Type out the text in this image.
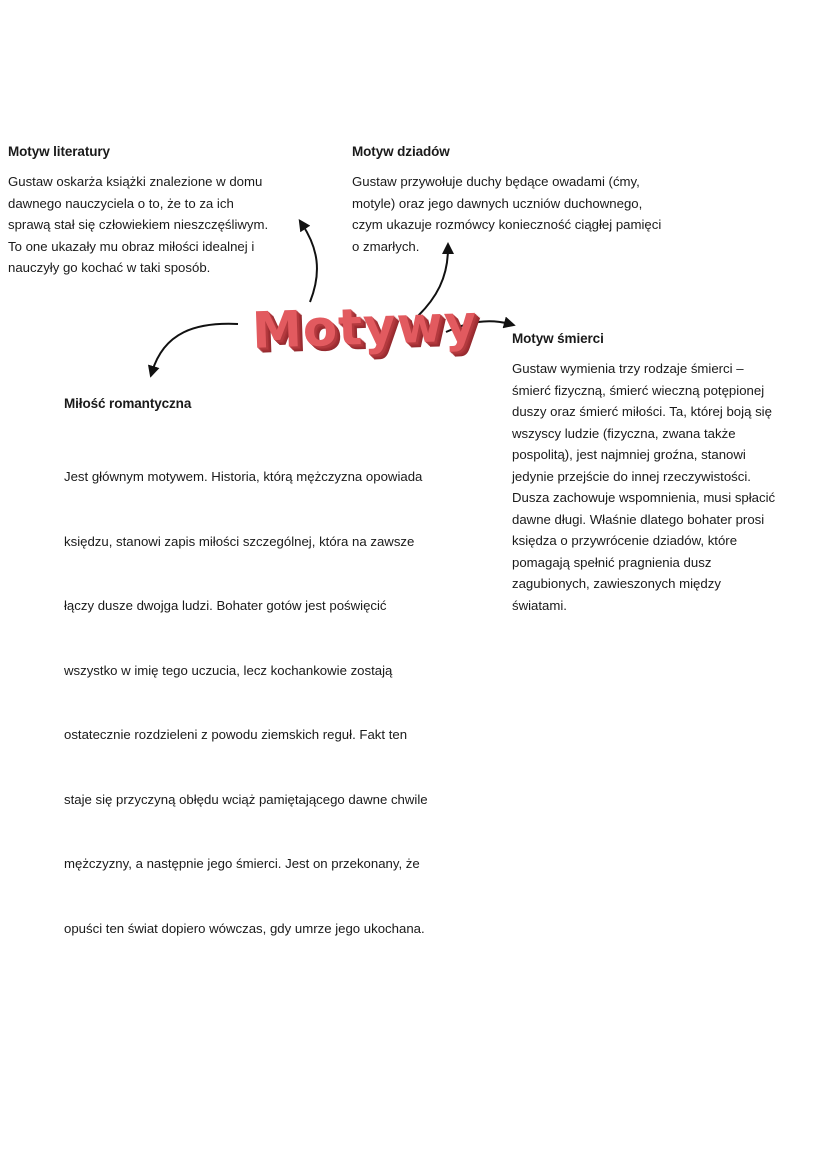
Motywy

Motyw literatury

Gustaw oskarża książki znalezione w domu
dawnego nauczyciela o to, że to za ich
sprawą stał się człowiekiem nieszczęśliwym.
To one ukazały mu obraz miłości idealnej i
nauczyły go kochać w taki sposób.

Motyw dziadów

Gustaw przywołuje duchy będące owadami (ćmy,
motyle) oraz jego dawnych uczniów duchownego,
czym ukazuje rozmówcy konieczność ciągłej pamięci
o zmarłych.

Motyw śmierci

Gustaw wymienia trzy rodzaje śmierci –
śmierć fizyczną, śmierć wieczną potępionej
duszy oraz śmierć miłości. Ta, której boją się
wszyscy ludzie (fizyczna, zwana także
pospolitą), jest najmniej groźna, stanowi
jedynie przejście do innej rzeczywistości.
Dusza zachowuje wspomnienia, musi spłacić
dawne długi. Właśnie dlatego bohater prosi
księdza o przywrócenie dziadów, które
pomagają spełnić pragnienia dusz
zagubionych, zawieszonych między
światami.

Miłość romantyczna

Jest głównym motywem. Historia, którą mężczyzna opowiada

księdzu, stanowi zapis miłości szczególnej, która na zawsze

łączy dusze dwojga ludzi. Bohater gotów jest poświęcić

wszystko w imię tego uczucia, lecz kochankowie zostają

ostatecznie rozdzieleni z powodu ziemskich reguł. Fakt ten

staje się przyczyną obłędu wciąż pamiętającego dawne chwile

mężczyzny, a następnie jego śmierci. Jest on przekonany, że

opuści ten świat dopiero wówczas, gdy umrze jego ukochana.
